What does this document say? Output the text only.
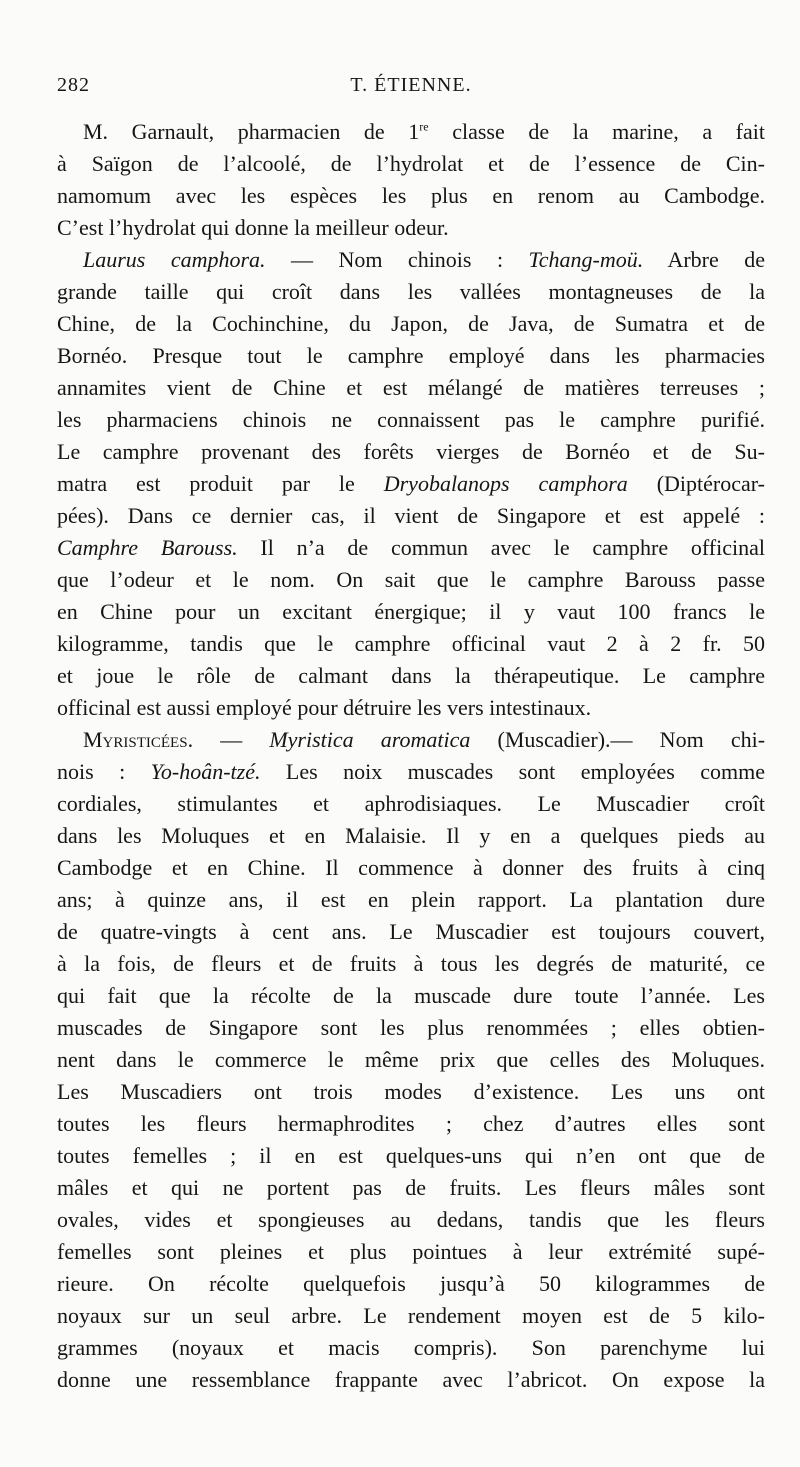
282	T. ÉTIENNE.
M. Garnault, pharmacien de 1re classe de la marine, a fait
à Saïgon de l’alcoolé, de l’hydrolat et de l’essence de Cin-
namomum avec les espèces les plus en renom au Cambodge.
C’est l’hydrolat qui donne la meilleur odeur.
Laurus camphora. — Nom chinois : Tchang-moü. Arbre de
grande taille qui croît dans les vallées montagneuses de la
Chine, de la Cochinchine, du Japon, de Java, de Sumatra et de
Bornéo. Presque tout le camphre employé dans les pharmacies
annamites vient de Chine et est mélangé de matières terreuses ;
les pharmaciens chinois ne connaissent pas le camphre purifié.
Le camphre provenant des forêts vierges de Bornéo et de Su-
matra est produit par le Dryobalanops camphora (Diptérocar-
pées). Dans ce dernier cas, il vient de Singapore et est appelé :
Camphre Barouss. Il n’a de commun avec le camphre officinal
que l’odeur et le nom. On sait que le camphre Barouss passe
en Chine pour un excitant énergique; il y vaut 100 francs le
kilogramme, tandis que le camphre officinal vaut 2 à 2 fr. 50
et joue le rôle de calmant dans la thérapeutique. Le camphre
officinal est aussi employé pour détruire les vers intestinaux.
Myristicées. — Myristica aromatica (Muscadier).— Nom chi-
nois : Yo-hoân-tzé. Les noix muscades sont employées comme
cordiales, stimulantes et aphrodisiaques. Le Muscadier croît
dans les Moluques et en Malaisie. Il y en a quelques pieds au
Cambodge et en Chine. Il commence à donner des fruits à cinq
ans; à quinze ans, il est en plein rapport. La plantation dure
de quatre-vingts à cent ans. Le Muscadier est toujours couvert,
à la fois, de fleurs et de fruits à tous les degrés de maturité, ce
qui fait que la récolte de la muscade dure toute l’année. Les
muscades de Singapore sont les plus renommées ; elles obtien-
nent dans le commerce le même prix que celles des Moluques.
Les Muscadiers ont trois modes d’existence. Les uns ont
toutes les fleurs hermaphrodites ; chez d’autres elles sont
toutes femelles ; il en est quelques-uns qui n’en ont que de
mâles et qui ne portent pas de fruits. Les fleurs mâles sont
ovales, vides et spongieuses au dedans, tandis que les fleurs
femelles sont pleines et plus pointues à leur extrémité supé-
rieure. On récolte quelquefois jusqu’à 50 kilogrammes de
noyaux sur un seul arbre. Le rendement moyen est de 5 kilo-
grammes (noyaux et macis compris). Son parenchyme lui
donne une ressemblance frappante avec l’abricot. On expose la
